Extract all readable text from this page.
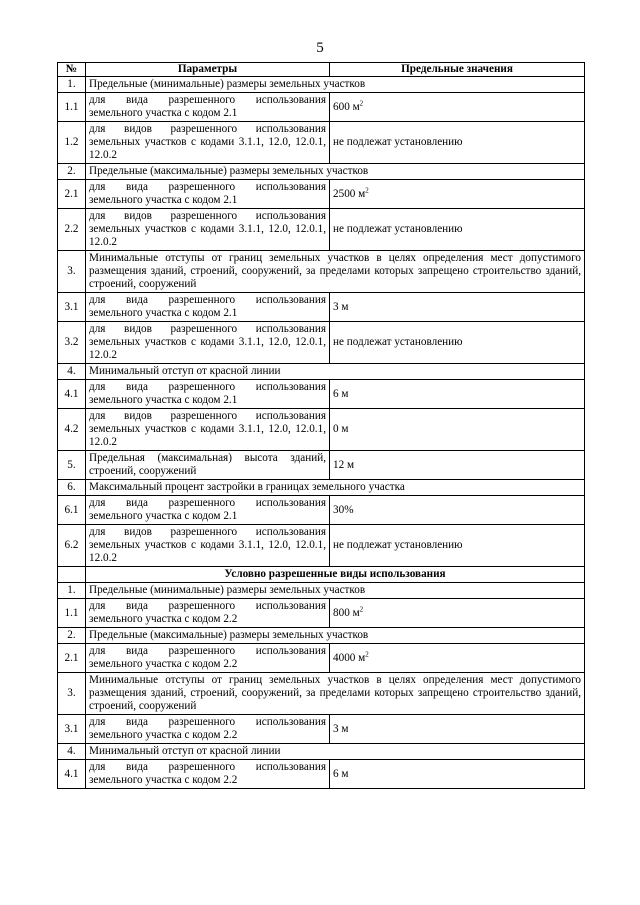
5
№	Параметры	Предельные значения
1.	Предельные (минимальные) размеры земельных участков	
1.1	для вида разрешенного использования земельного участка с кодом 2.1	600 $м^2$
1.2	для видов разрешенного использования земельных участков с кодами 3.1.1, 12.0, 12.0.1, 12.0.2	не подлежат установлению
2.	Предельные (максимальные) размеры земельных участков	
2.1	для вида разрешенного использования земельного участка с кодом 2.1	2500 $м^2$
2.2	для видов разрешенного использования земельных участков с кодами 3.1.1, 12.0, 12.0.1, 12.0.2	не подлежат установлению
3.	Минимальные отступы от границ земельных участков в целях определения мест допустимого размещения зданий, строений, сооружений, за пределами которых запрещено строительство зданий, строений, сооружений	
3.1	для вида разрешенного использования земельного участка с кодом 2.1	3 м
3.2	для видов разрешенного использования земельных участков с кодами 3.1.1, 12.0, 12.0.1, 12.0.2	не подлежат установлению
4.	Минимальный отступ от красной линии	
4.1	для вида разрешенного использования земельного участка с кодом 2.1	6 м
4.2	для видов разрешенного использования земельных участков с кодами 3.1.1, 12.0, 12.0.1, 12.0.2	0 м
5.	Предельная (максимальная) высота зданий, строений, сооружений	12 м
6.	Максимальный процент застройки в границах земельного участка	
6.1	для вида разрешенного использования земельного участка с кодом 2.1	30%
6.2	для видов разрешенного использования земельных участков с кодами 3.1.1, 12.0, 12.0.1, 12.0.2	не подлежат установлению
	Условно разрешенные виды использования	
1.	Предельные (минимальные) размеры земельных участков	
1.1	для вида разрешенного использования земельного участка с кодом 2.2	800 $м^2$
2.	Предельные (максимальные) размеры земельных участков	
2.1	для вида разрешенного использования земельного участка с кодом 2.2	4000 $м^2$
3.	Минимальные отступы от границ земельных участков в целях определения мест допустимого размещения зданий, строений, сооружений, за пределами которых запрещено строительство зданий, строений, сооружений	
3.1	для вида разрешенного использования земельного участка с кодом 2.2	3 м
4.	Минимальный отступ от красной линии	
4.1	для вида разрешенного использования земельного участка с кодом 2.2	6 м
